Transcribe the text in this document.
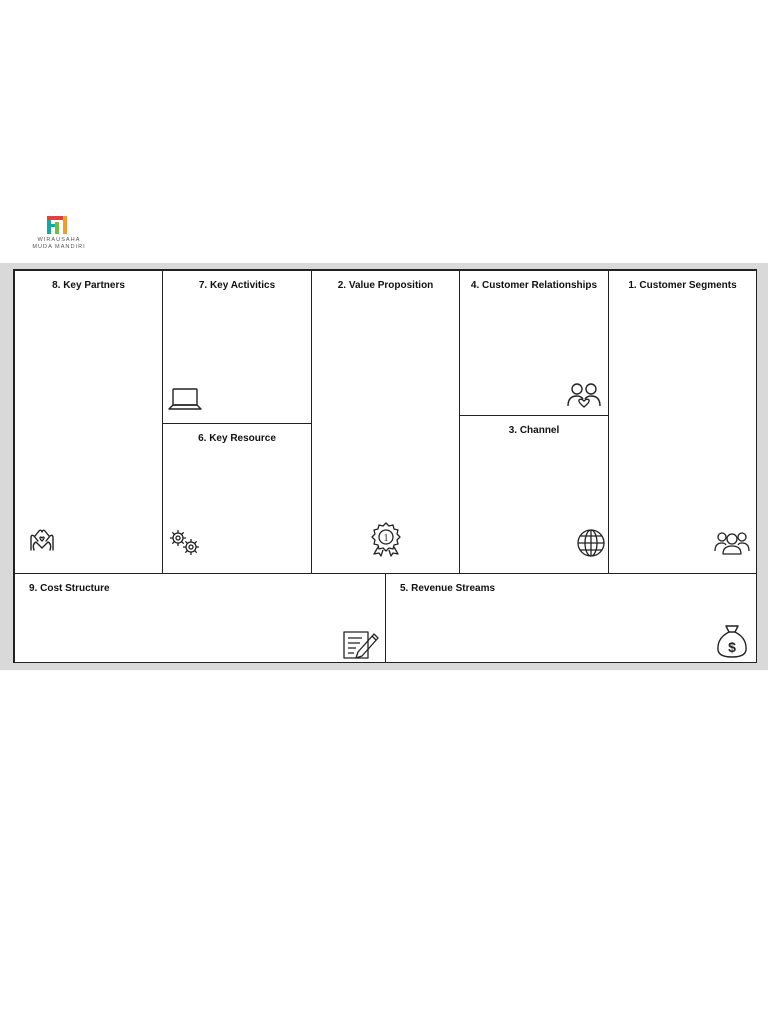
WIRAUSAHA
MUDA MANDIRI
8. Key Partners	7. Key Activitics
6. Key Resource
2. Value Proposition
1
4. Customer Relationships
3. Channel
1. Customer Segments
9. Cost Structure	5. Revenue Streams
$
